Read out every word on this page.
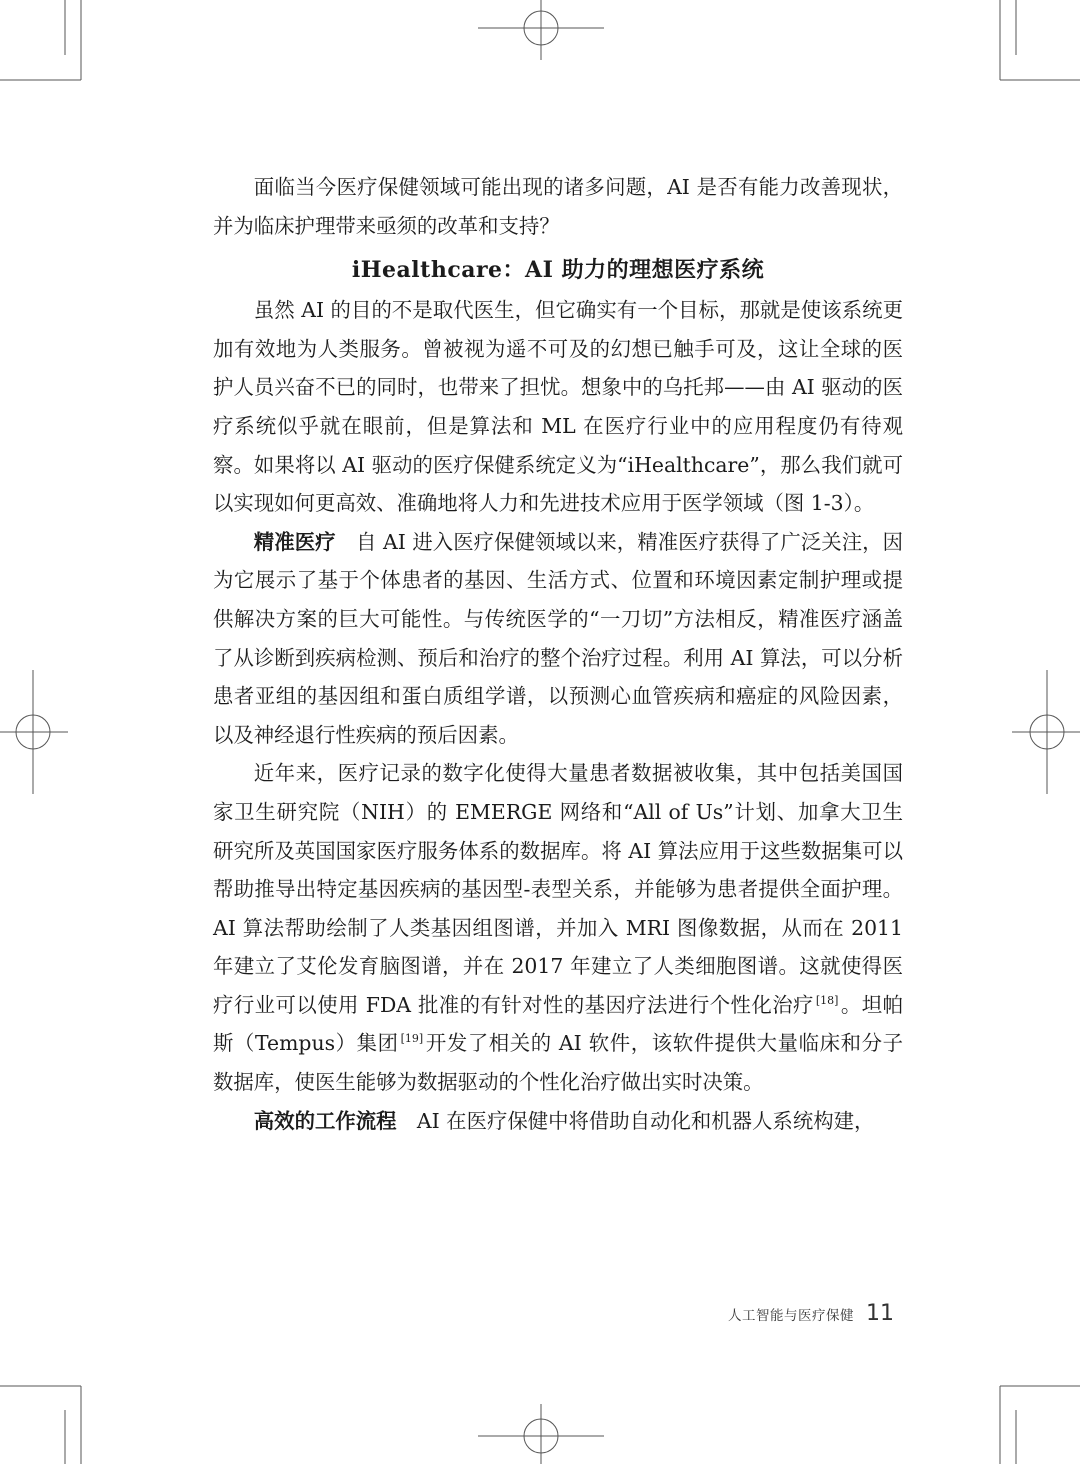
面临当今医疗保健领域可能出现的诸多问题，AI 是否有能力改善现状，并为临床护理带来亟须的改革和支持？

iHealthcare：AI 助力的理想医疗系统

虽然 AI 的目的不是取代医生，但它确实有一个目标，那就是使该系统更加有效地为人类服务。曾被视为遥不可及的幻想已触手可及，这让全球的医护人员兴奋不已的同时，也带来了担忧。想象中的乌托邦——由 AI 驱动的医疗系统似乎就在眼前，但是算法和 ML 在医疗行业中的应用程度仍有待观察。如果将以 AI 驱动的医疗保健系统定义为“iHealthcare”，那么我们就可以实现如何更高效、准确地将人力和先进技术应用于医学领域（图 1-3）。

精准医疗  自 AI 进入医疗保健领域以来，精准医疗获得了广泛关注，因为它展示了基于个体患者的基因、生活方式、位置和环境因素定制护理或提供解决方案的巨大可能性。与传统医学的“一刀切”方法相反，精准医疗涵盖了从诊断到疾病检测、预后和治疗的整个治疗过程。利用 AI 算法，可以分析患者亚组的基因组和蛋白质组学谱，以预测心血管疾病和癌症的风险因素，以及神经退行性疾病的预后因素。

近年来，医疗记录的数字化使得大量患者数据被收集，其中包括美国国家卫生研究院（NIH）的 EMERGE 网络和“All of Us”计划、加拿大卫生研究所及英国国家医疗服务体系的数据库。将 AI 算法应用于这些数据集可以帮助推导出特定基因疾病的基因型-表型关系，并能够为患者提供全面护理。AI 算法帮助绘制了人类基因组图谱，并加入 MRI 图像数据，从而在 2011 年建立了艾伦发育脑图谱，并在 2017 年建立了人类细胞图谱。这就使得医疗行业可以使用 FDA 批准的有针对性的基因疗法进行个性化治疗 [18]。坦帕斯（Tempus）集团 [19]开发了相关的 AI 软件，该软件提供大量临床和分子数据库，使医生能够为数据驱动的个性化治疗做出实时决策。

高效的工作流程  AI 在医疗保健中将借助自动化和机器人系统构建，

人工智能与医疗保健 11
